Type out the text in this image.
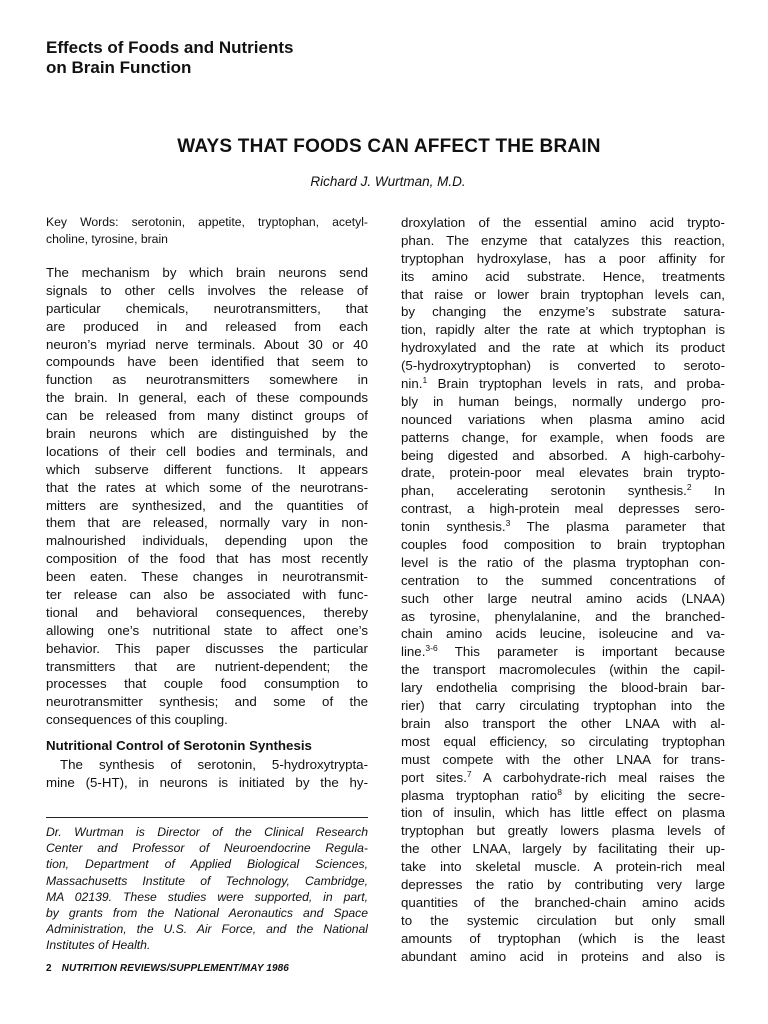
Effects of Foods and Nutrients
on Brain Function
WAYS THAT FOODS CAN AFFECT THE BRAIN
Richard J. Wurtman, M.D.
Key Words: serotonin, appetite, tryptophan, acetyl-
choline, tyrosine, brain
The mechanism by which brain neurons send
signals to other cells involves the release of
particular chemicals, neurotransmitters, that
are produced in and released from each
neuron’s myriad nerve terminals. About 30 or 40
compounds have been identified that seem to
function as neurotransmitters somewhere in
the brain. In general, each of these compounds
can be released from many distinct groups of
brain neurons which are distinguished by the
locations of their cell bodies and terminals, and
which subserve different functions. It appears
that the rates at which some of the neurotrans-
mitters are synthesized, and the quantities of
them that are released, normally vary in non-
malnourished individuals, depending upon the
composition of the food that has most recently
been eaten. These changes in neurotransmit-
ter release can also be associated with func-
tional and behavioral consequences, thereby
allowing one’s nutritional state to affect one’s
behavior. This paper discusses the particular
transmitters that are nutrient-dependent; the
processes that couple food consumption to
neurotransmitter synthesis; and some of the
consequences of this coupling.
Nutritional Control of Serotonin Synthesis
The synthesis of serotonin, 5-hydroxytrypta-
mine (5-HT), in neurons is initiated by the hy-
Dr. Wurtman is Director of the Clinical Research
Center and Professor of Neuroendocrine Regula-
tion, Department of Applied Biological Sciences,
Massachusetts Institute of Technology, Cambridge,
MA 02139. These studies were supported, in part,
by grants from the National Aeronautics and Space
Administration, the U.S. Air Force, and the National
Institutes of Health.
droxylation of the essential amino acid trypto-
phan. The enzyme that catalyzes this reaction,
tryptophan hydroxylase, has a poor affinity for
its amino acid substrate. Hence, treatments
that raise or lower brain tryptophan levels can,
by changing the enzyme’s substrate satura-
tion, rapidly alter the rate at which tryptophan is
hydroxylated and the rate at which its product
(5-hydroxytryptophan) is converted to seroto-
nin.$^1$ Brain tryptophan levels in rats, and proba-
bly in human beings, normally undergo pro-
nounced variations when plasma amino acid
patterns change, for example, when foods are
being digested and absorbed. A high-carbohy-
drate, protein-poor meal elevates brain trypto-
phan, accelerating serotonin synthesis.$^2$ In
contrast, a high-protein meal depresses sero-
tonin synthesis.$^3$ The plasma parameter that
couples food composition to brain tryptophan
level is the ratio of the plasma tryptophan con-
centration to the summed concentrations of
such other large neutral amino acids (LNAA)
as tyrosine, phenylalanine, and the branched-
chain amino acids leucine, isoleucine and va-
line.$^{3-6}$ This parameter is important because
the transport macromolecules (within the capil-
lary endothelia comprising the blood-brain bar-
rier) that carry circulating tryptophan into the
brain also transport the other LNAA with al-
most equal efficiency, so circulating tryptophan
must compete with the other LNAA for trans-
port sites.$^7$ A carbohydrate-rich meal raises the
plasma tryptophan ratio$^8$ by eliciting the secre-
tion of insulin, which has little effect on plasma
tryptophan but greatly lowers plasma levels of
the other LNAA, largely by facilitating their up-
take into skeletal muscle. A protein-rich meal
depresses the ratio by contributing very large
quantities of the branched-chain amino acids
to the systemic circulation but only small
amounts of tryptophan (which is the least
abundant amino acid in proteins and also is
2 NUTRITION REVIEWS/SUPPLEMENT/MAY 1986
